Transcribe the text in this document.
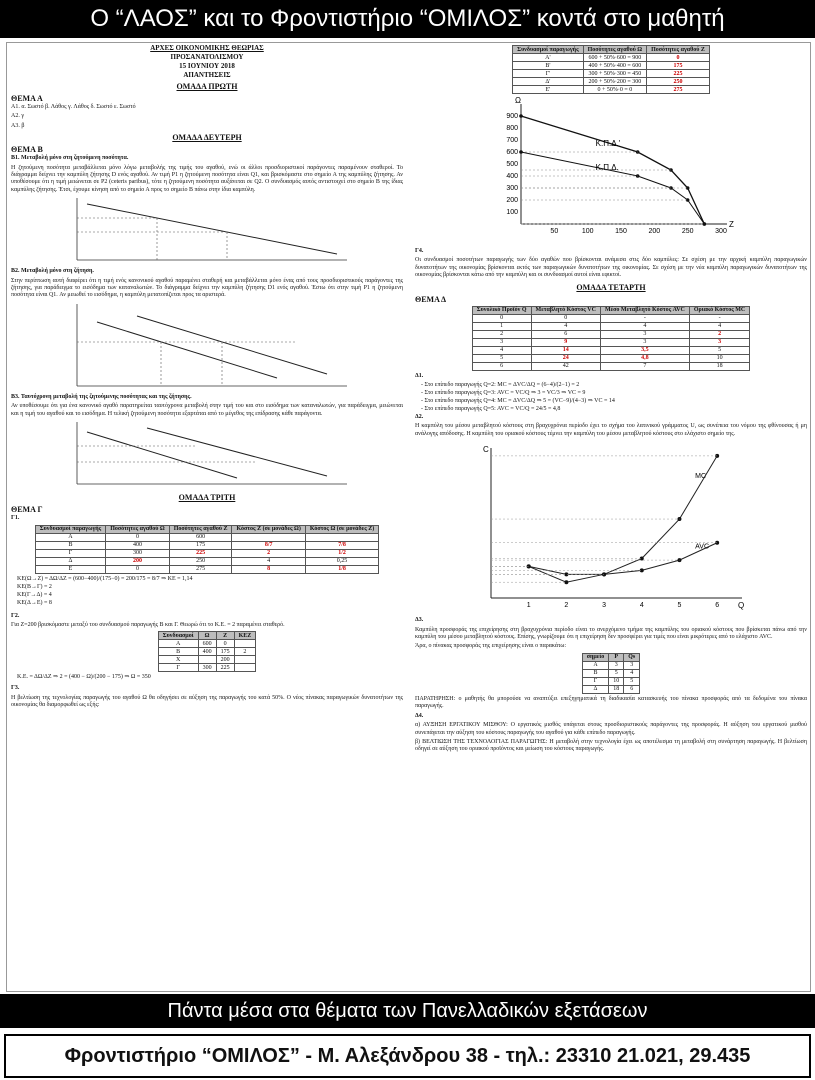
Ο “ΛΑΟΣ” και το Φροντιστήριο “ΟΜΙΛΟΣ” κοντά στο μαθητή
ΑΡΧΕΣ ΟΙΚΟΝΟΜΙΚΗΣ ΘΕΩΡΙΑΣ
ΠΡΟΣΑΝΑΤΟΛΙΣΜΟΥ
15 ΙΟΥΝΙΟΥ 2018
ΑΠΑΝΤΗΣΕΙΣ
ΟΜΑΔΑ ΠΡΩΤΗ
ΘΕΜΑ Α
Α1. α. Σωστό β. Λάθος γ. Λάθος δ. Σωστό ε. Σωστό
Α2. γ
Α3. β
ΟΜΑΔΑ ΔΕΥΤΕΡΗ
ΘΕΜΑ Β
Β1. Μεταβολή μόνο στη ζητούμενη ποσότητα.
Η ζητούμενη ποσότητα μεταβάλλεται μόνο λόγω μεταβολής της τιμής του αγαθού, ενώ οι άλλοι προσδιοριστικοί παράγοντες παραμένουν σταθεροί. Το διάγραμμα δείχνει την καμπύλη ζήτησης D ενός αγαθού. Αν τιμή P1 η ζητούμενη ποσότητα είναι Q1, και βρισκόμαστε στο σημείο Α της καμπύλης ζήτησης. Αν υποθέσουμε ότι η τιμή μειώνεται σε P2 (ceteris paribus), τότε η ζητούμενη ποσότητα αυξάνεται σε Q2. Ο συνδυασμός αυτός αντιστοιχεί στο σημείο Β της ίδιας καμπύλης ζήτησης. Έτσι, έχουμε κίνηση από το σημείο Α προς το σημείο Β πάνω στην ίδια καμπύλη.
Β2. Μεταβολή μόνο στη ζήτηση.
Στην περίπτωση αυτή διαφέρει ότι η τιμή ενός κανονικού αγαθού παραμένει σταθερή και μεταβάλλεται μόνο ένας από τους προσδιοριστικούς παράγοντες της ζήτησης, για παράδειγμα το εισόδημα των καταναλωτών. Το διάγραμμα δείχνει την καμπύλη ζήτησης D1 ενός αγαθού. Έστω ότι στην τιμή P1 η ζητούμενη ποσότητα είναι Q1. Αν μειωθεί το εισόδημα, η καμπύλη μετατοπίζεται προς τα αριστερά.
Β3. Ταυτόχρονη μεταβολή της ζητούμενης ποσότητας και της ζήτησης.
Αν υποθέσουμε ότι για ένα κανονικό αγαθό παρατηρείται ταυτόχρονα μεταβολή στην τιμή του και στο εισόδημα των καταναλωτών, για παράδειγμα, μειώνεται και η τιμή του αγαθού και το εισόδημα. Η τελική ζητούμενη ποσότητα εξαρτάται από το μέγεθος της επίδρασης κάθε παράγοντα.
ΟΜΑΔΑ ΤΡΙΤΗ
ΘΕΜΑ Γ
Γ1.
Συνδυασμοί παραγωγής	Ποσότητες αγαθού Ω	Ποσότητες αγαθού Ζ	Κόστος Ζ (σε μονάδες Ω)	Κόστος Ω (σε μονάδες Ζ)
Α	0	600		
Β	400	175	8/7	7/8
Γ	300	225	2	1/2
Δ	200	250	4	0,25
Ε	0	275	8	1/8
ΚΕ(Ω→Ζ) = ΔΩ/ΔΖ = (600−400)/(175−0) = 200/175 = 8/7 ⇒ ΚΕ = 1,14
ΚΕ(Β→Γ) = 2
ΚΕ(Γ→Δ) = 4
ΚΕ(Δ→Ε) = 8
Γ2.
Για Ζ=200 βρισκόμαστε μεταξύ του συνδυασμού παραγωγής Β και Γ. Θεωρώ ότι το Κ.Ε. = 2 παραμένει σταθερό.
Συνδυασμοί	Ω	Ζ	ΚΕΖ
Α	600	0	
Β	400	175	2
Χ		200	
Γ	300	225	
Κ.Ε. = ΔΩ/ΔΖ ⇒ 2 = (400 − Ω)/(200 − 175) ⇒ Ω = 350
Γ3.
Η βελτίωση της τεχνολογίας παραγωγής του αγαθού Ω θα οδηγήσει σε αύξηση της παραγωγής του κατά 50%. Ο νέος πίνακας παραγωγικών δυνατοτήτων της οικονομίας θα διαμορφωθεί ως εξής:
Συνδυασμοί παραγωγής	Ποσότητες αγαθού Ω	Ποσότητες αγαθού Ζ
Α'	600 + 50%·600 = 900	0
Β'	400 + 50%·400 = 600	175
Γ'	300 + 50%·300 = 450	225
Δ'	200 + 50%·200 = 300	250
Ε'	0 + 50%·0 = 0	275
50	100	150	200	250	300
100
200
300
400
500
600
700
800
900
Ζ
Ω
Κ.Π.Δ.'
Κ.Π.Δ.
Γ4.
Οι συνδυασμοί ποσοτήτων παραγωγής των δύο αγαθών που βρίσκονται ανάμεσα στις δύο καμπύλες: Σε σχέση με την αρχική καμπύλη παραγωγικών δυνατοτήτων της οικονομίας βρίσκονται εκτός των παραγωγικών δυνατοτήτων της οικονομίας. Σε σχέση με την νέα καμπύλη παραγωγικών δυνατοτήτων της οικονομίας βρίσκονται κάτω από την καμπύλη και οι συνδυασμοί αυτοί είναι εφικτοί.
ΟΜΑΔΑ ΤΕΤΑΡΤΗ
ΘΕΜΑ Δ
Συνολικό Προϊόν Q	Μεταβλητό Κόστος VC	Μέσο Μεταβλητό Κόστος AVC	Οριακό Κόστος MC
0	0	-	-
1	4	4	4
2	6	3	2
3	9	3	3
4	14	3,5	5
5	24	4,8	10
6	42	7	18
Δ1.
- Στο επίπεδο παραγωγής Q=2: MC = ΔVC/ΔQ = (6−4)/(2−1) = 2
- Στο επίπεδο παραγωγής Q=3: AVC = VC/Q ⇒ 3 = VC/3 ⇒ VC = 9
- Στο επίπεδο παραγωγής Q=4: MC = ΔVC/ΔQ ⇒ 5 = (VC−9)/(4−3) ⇒ VC = 14
- Στο επίπεδο παραγωγής Q=5: AVC = VC/Q = 24/5 = 4,8
Δ2.
Η καμπύλη του μέσου μεταβλητού κόστους στη βραχυχρόνια περίοδο έχει το σχήμα του λατινικού γράμματος U, ως συνέπεια του νόμου της φθίνουσας ή μη ανάλογης απόδοσης. Η καμπύλη του οριακού κόστους τέμνει την καμπύλη του μέσου μεταβλητού κόστους στο ελάχιστο σημείο της.
C
Q
1	2	3	4	5	6
MC
AVC
Δ3.
Καμπύλη προσφοράς της επιχείρησης στη βραχυχρόνια περίοδο είναι το ανερχόμενο τμήμα της καμπύλης του οριακού κόστους που βρίσκεται πάνω από την καμπύλη του μέσου μεταβλητού κόστους. Επίσης, γνωρίζουμε ότι η επιχείρηση δεν προσφέρει για τιμές που είναι μικρότερες από το ελάχιστο AVC.
Άρα, ο πίνακας προσφοράς της επιχείρησης είναι ο παρακάτω:
σημείο	P	Qs
Α	3	3
Β	5	4
Γ	10	5
Δ	18	6
ΠΑΡΑΤΗΡΗΣΗ: ο μαθητής θα μπορούσε να αναπτύξει επεξηγηματικά τη διαδικασία κατασκευής του πίνακα προσφοράς από τα δεδομένα του πίνακα παραγωγής.
Δ4.
α) ΑΥΞΗΣΗ ΕΡΓΑΤΙΚΟΥ ΜΙΣΘΟΥ: Ο εργατικός μισθός υπάγεται στους προσδιοριστικούς παράγοντες της προσφοράς. Η αύξηση του εργατικού μισθού συνεπάγεται την αύξηση του κόστους παραγωγής του αγαθού για κάθε επίπεδο παραγωγής.
β) ΒΕΛΤΙΩΣΗ ΤΗΣ ΤΕΧΝΟΛΟΓΙΑΣ ΠΑΡΑΓΩΓΗΣ: Η μεταβολή στην τεχνολογία έχει ως αποτέλεσμα τη μεταβολή στη συνάρτηση παραγωγής. Η βελτίωση οδηγεί σε αύξηση του οριακού προϊόντος και μείωση του κόστους παραγωγής.
Πάντα μέσα στα θέματα των Πανελλαδικών εξετάσεων
Φροντιστήριο “ΟΜΙΛΟΣ” - Μ. Αλεξάνδρου 38 - τηλ.: 23310 21.021, 29.435
